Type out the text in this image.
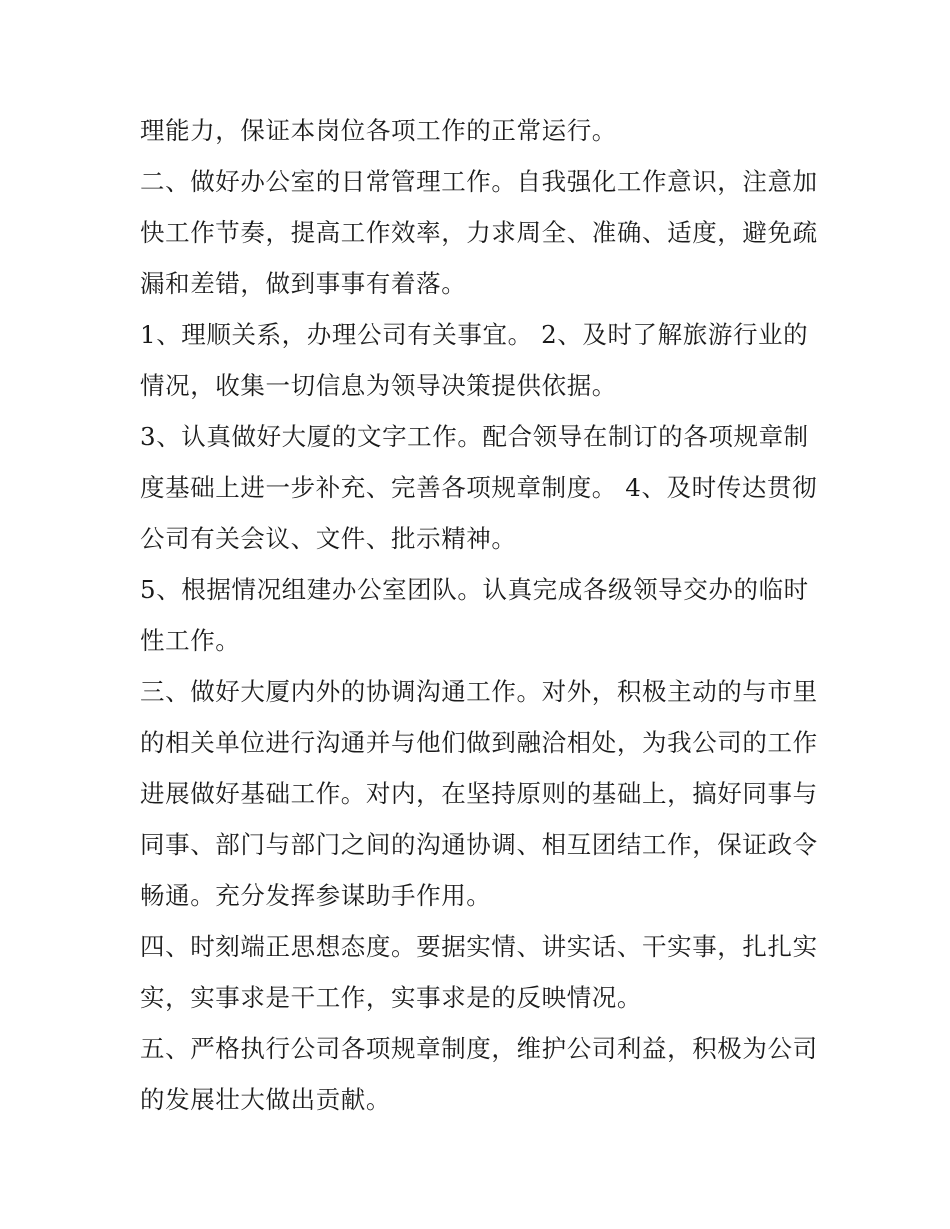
理能力，保证本岗位各项工作的正常运行。
二、做好办公室的日常管理工作。自我强化工作意识，注意加
快工作节奏，提高工作效率，力求周全、准确、适度，避免疏
漏和差错，做到事事有着落。
1、理顺关系，办理公司有关事宜。 2、及时了解旅游行业的
情况，收集一切信息为领导决策提供依据。
3、认真做好大厦的文字工作。配合领导在制订的各项规章制
度基础上进一步补充、完善各项规章制度。 4、及时传达贯彻
公司有关会议、文件、批示精神。
5、根据情况组建办公室团队。认真完成各级领导交办的临时
性工作。
三、做好大厦内外的协调沟通工作。对外，积极主动的与市里
的相关单位进行沟通并与他们做到融洽相处，为我公司的工作
进展做好基础工作。对内，在坚持原则的基础上，搞好同事与
同事、部门与部门之间的沟通协调、相互团结工作，保证政令
畅通。充分发挥参谋助手作用。
四、时刻端正思想态度。要据实情、讲实话、干实事，扎扎实
实，实事求是干工作，实事求是的反映情况。
五、严格执行公司各项规章制度，维护公司利益，积极为公司
的发展壮大做出贡献。
